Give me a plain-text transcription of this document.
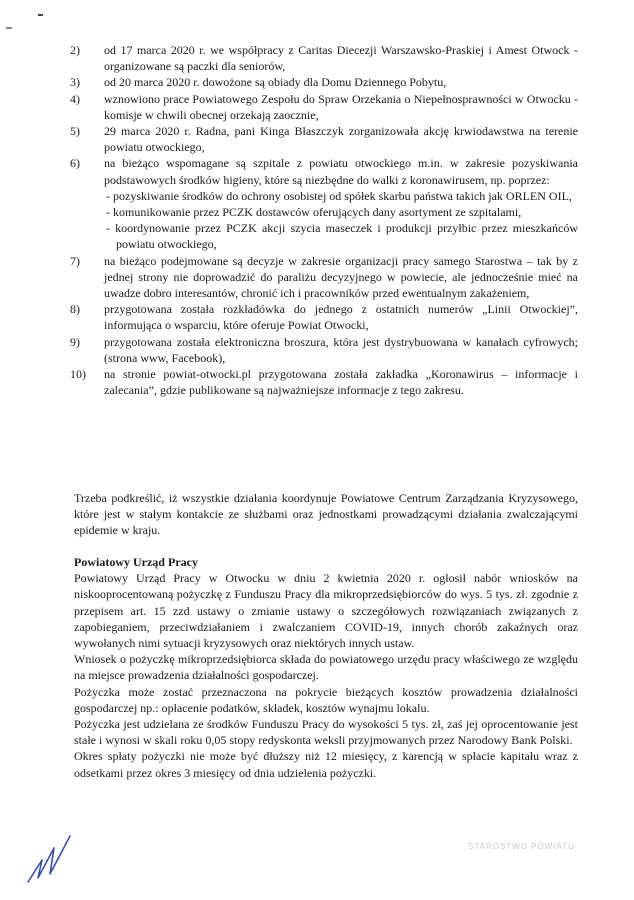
2)	od 17 marca 2020 r. we współpracy z Caritas Diecezji Warszawsko-Praskiej i Amest Otwock - organizowane są paczki dla seniorów,
3)	od 20 marca 2020 r. dowożone są obiady dla Domu Dziennego Pobytu,
4)	wznowiono prace Powiatowego Zespołu do Spraw Orzekania o Niepełnosprawności w Otwocku - komisje w chwili obecnej orzekają zaocznie,
5)	29 marca 2020 r. Radna, pani Kinga Błaszczyk zorganizowała akcję krwiodawstwa na terenie powiatu otwockiego,
6)	na bieżąco wspomagane są szpitale z powiatu otwockiego m.in. w zakresie pozyskiwania podstawowych środków higieny, które są niezbędne do walki z koronawirusem, np. poprzez:
- pozyskiwanie środków do ochrony osobistej od spółek skarbu państwa takich jak ORLEN OIL,
- komunikowanie przez PCZK dostawców oferujących dany asortyment ze szpitalami,
- koordynowanie przez PCZK akcji szycia maseczek i produkcji przyłbic przez mieszkańców powiatu otwockiego,
7)	na bieżąco podejmowane są decyzje w zakresie organizacji pracy samego Starostwa – tak by z jednej strony nie doprowadzić do paraliżu decyzyjnego w powiecie, ale jednocześnie mieć na uwadze dobro interesantów, chronić ich i pracowników przed ewentualnym zakażeniem,
8)	przygotowana została rozkładówka do jednego z ostatnich numerów „Linii Otwockiej”, informująca o wsparciu, które oferuje Powiat Otwocki,
9)	przygotowana została elektroniczna broszura, która jest dystrybuowana w kanałach cyfrowych; (strona www, Facebook),
10)	na stronie powiat-otwocki.pl przygotowana została zakładka „Koronawirus – informacje i zalecania”, gdzie publikowane są najważniejsze informacje z tego zakresu.

Trzeba podkreślić, iż wszystkie działania koordynuje Powiatowe Centrum Zarządzania Kryzysowego, które jest w stałym kontakcie ze służbami oraz jednostkami prowadzącymi działania zwalczającymi epidemie w kraju.

Powiatowy Urząd Pracy

Powiatowy Urząd Pracy w Otwocku w dniu 2 kwietnia 2020 r. ogłosił nabór wniosków na niskooprocentowaną pożyczkę z Funduszu Pracy dla mikroprzedsiębiorców do wys. 5 tys. zł. zgodnie z przepisem art. 15 zzd ustawy o zmianie ustawy o szczegółowych rozwiązaniach związanych z zapobieganiem, przeciwdziałaniem i zwalczaniem COVID-19, innych chorób zakaźnych oraz wywołanych nimi sytuacji kryzysowych oraz niektórych innych ustaw.

Wniosek o pożyczkę mikroprzedsiębiorca składa do powiatowego urzędu pracy właściwego ze względu na miejsce prowadzenia działalności gospodarczej.

Pożyczka może zostać przeznaczona na pokrycie bieżących kosztów prowadzenia działalności gospodarczej np.: opłacenie podatków, składek, kosztów wynajmu lokalu.

Pożyczka jest udzielana ze środków Funduszu Pracy do wysokości 5 tys. zł, zaś jej oprocentowanie jest stałe i wynosi w skali roku 0,05 stopy redyskonta weksli przyjmowanych przez Narodowy Bank Polski.

Okres spłaty pożyczki nie może być dłuższy niż 12 miesięcy, z karencją w spłacie kapitału wraz z odsetkami przez okres 3 miesięcy od dnia udzielenia pożyczki.

STAROSTWO POWIATU
